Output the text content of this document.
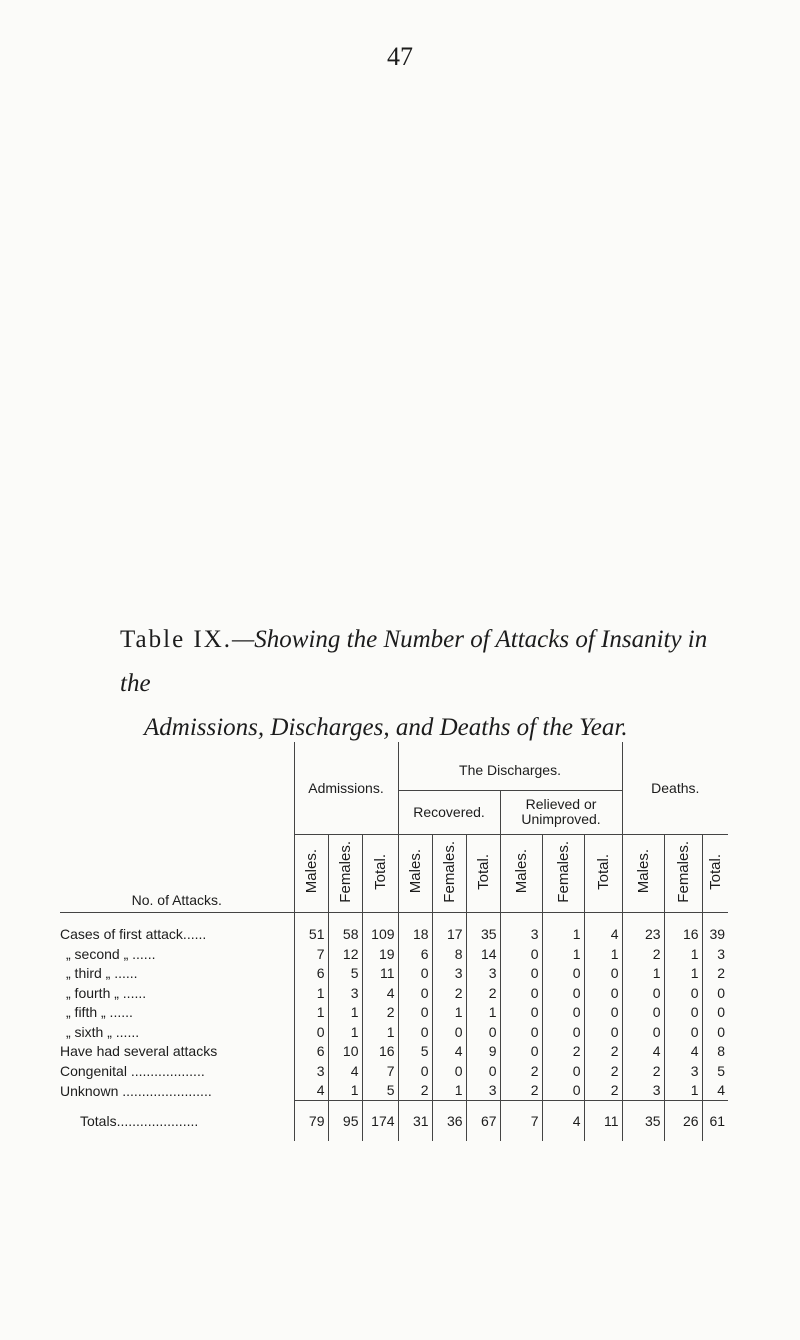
47
Table IX.—Showing the Number of Attacks of Insanity in the
Admissions, Discharges, and Deaths of the Year.
No. of Attacks.	Admissions.			The Discharges.						Deaths.		
				Recovered.			Relieved or Unimproved.					
	Males.	Females.	Total.	Males.	Females.	Total.	Males.	Females.	Total.	Males.	Females.	Total.
Cases of first attack......	51	58	109	18	17	35	3	1	4	23	16	39
„ second „ ......	7	12	19	6	8	14	0	1	1	2	1	3
„ third „ ......	6	5	11	0	3	3	0	0	0	1	1	2
„ fourth „ ......	1	3	4	0	2	2	0	0	0	0	0	0
„ fifth „ ......	1	1	2	0	1	1	0	0	0	0	0	0
„ sixth „ ......	0	1	1	0	0	0	0	0	0	0	0	0
Have had several attacks	6	10	16	5	4	9	0	2	2	4	4	8
Congenital ...................	3	4	7	0	0	0	2	0	2	2	3	5
Unknown .......................	4	1	5	2	1	3	2	0	2	3	1	4
Totals.....................	79	95	174	31	36	67	7	4	11	35	26	61
